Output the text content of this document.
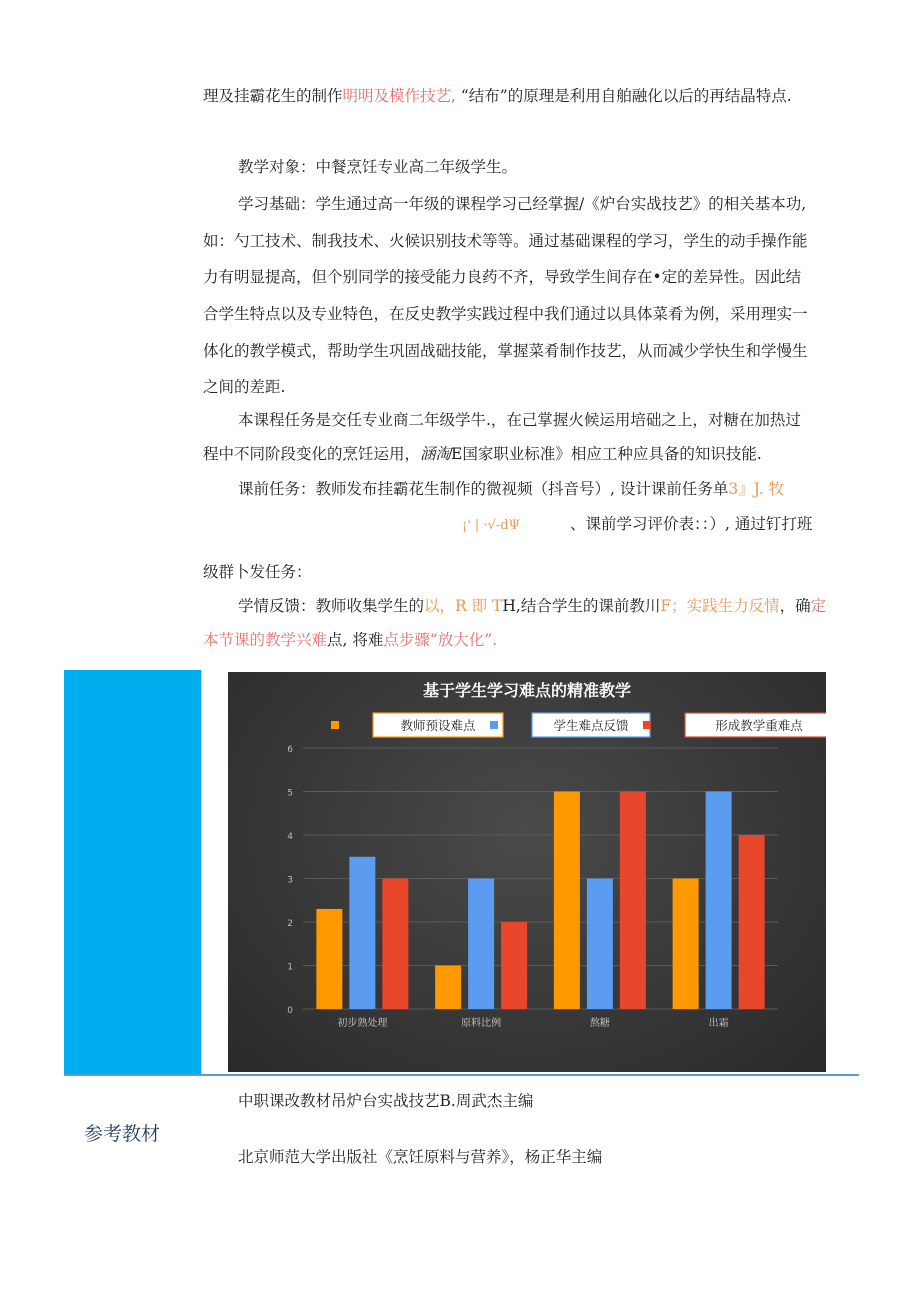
理及挂霸花生的制作明明及模作技艺, “结布”的原理是利用自舶融化以后的再结晶特点.
教学对象：中餐烹饪专业高二年级学生。
学习基础：学生通过高一年级的课程学习己经掌握/《炉台实战技艺》的相关基本功,
如：勺工技术、制我技术、火候识别技术等等。通过基础课程的学习，学生的动手操作能
力有明显提高，但个别同学的接受能力良药不齐，导致学生间存在•定的差异性。因此结
合学生特点以及专业特色，在反史教学实践过程中我们通过以具体菜肴为例，采用理实一
体化的教学模式，帮助学生巩固战础技能，掌握菜肴制作技艺，从而减少学快生和学慢生
之间的差距.
本课程任务是交任专业商二年级学牛.，在己掌握火候运用培础之上，对糖在加热过
程中不同阶段变化的烹饪运用，涵淘E国家职业标准》相应工种应具备的知识技能.
课前任务：教师发布挂霸花生制作的微视频（抖音号）, 设计课前任务单3』J. 牧
¡' | ·√-dΨ	、课前学习评价表：：）, 通过钉打班
级群卜发任务：
学情反馈：教师收集学生的以，R 即 TH,结合学生的课前教川F；实践生力反情，确定
本节课的教学兴难点, 将难点步骤“放大化”.
基于学生学习难点的精准教学
教师预设难点	学生难点反馈	形成教学重难点
0
1
2
3
4
5
6
初步熟处理	原料比例	熬糖	出霜
参考教材
中职课改教材吊炉台实战技艺B.周武杰主编
北京师范大学出版社《烹饪原料与营养》，杨正华主编
